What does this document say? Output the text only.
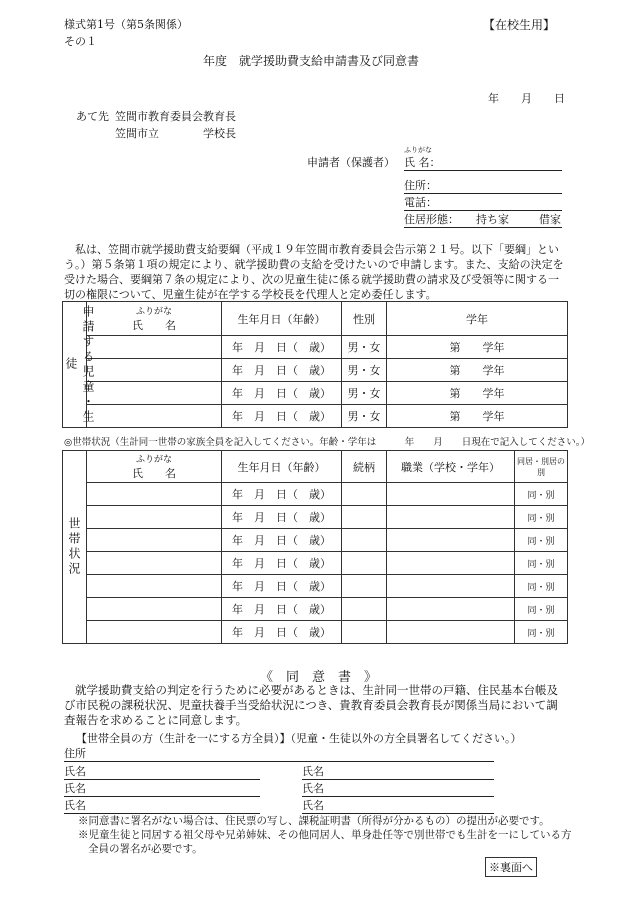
様式第1号（第5条関係）
その１
【在校生用】
年度　就学援助費支給申請書及び同意書
年　　月　　日
あて先 笠間市教育委員会教育長
笠間市立	学校長
ふりがな
申請者（保護者） 氏 名：
住所：
電話：
住居形態： 持ち家	借家
私は、笠間市就学援助費支給要綱（平成１９年笠間市教育委員会告示第２１号。以下「要綱」という。）第５条第１項の規定により、就学援助費の支給を受けたいので申請します。また、支給の決定を受けた場合、要綱第７条の規定により、次の児童生徒に係る就学援助費の請求及び受領等に関する一切の権限について、児童生徒が在学する学校長を代理人と定め委任します。
申請する児童・生徒	ふりがな
氏　　名	生年月日（年齢）	性別	学年
		年　月　日（　歳）	男・女	第　　学年
		年　月　日（　歳）	男・女	第　　学年
		年　月　日（　歳）	男・女	第　　学年
		年　月　日（　歳）	男・女	第　　学年
◎世帯状況（生計同一世帯の家族全員を記入してください。年齢・学年は　　　年　　月　　日現在で記入してください。）
世帯状況	ふりがな
氏　　名	生年月日（年齢）	続柄	職業（学校・学年）	同居・別居の別
		年　月　日（　歳）			同・別
		年　月　日（　歳）			同・別
		年　月　日（　歳）			同・別
		年　月　日（　歳）			同・別
		年　月　日（　歳）			同・別
		年　月　日（　歳）			同・別
		年　月　日（　歳）			同・別
《　同　意　書　》
就学援助費支給の判定を行うために必要があるときは、生計同一世帯の戸籍、住民基本台帳及び市民税の課税状況、児童扶養手当受給状況につき、貴教育委員会教育長が関係当局において調査報告を求めることに同意します。
【世帯全員の方（生計を一にする方全員）】（児童・生徒以外の方全員署名してください。）
住所
氏名	氏名
氏名	氏名
氏名	氏名
※同意書に署名がない場合は、住民票の写し、課税証明書（所得が分かるもの）の提出が必要です。
※児童生徒と同居する祖父母や兄弟姉妹、その他同居人、単身赴任等で別世帯でも生計を一にしている方全員の署名が必要です。
※裏面へ
